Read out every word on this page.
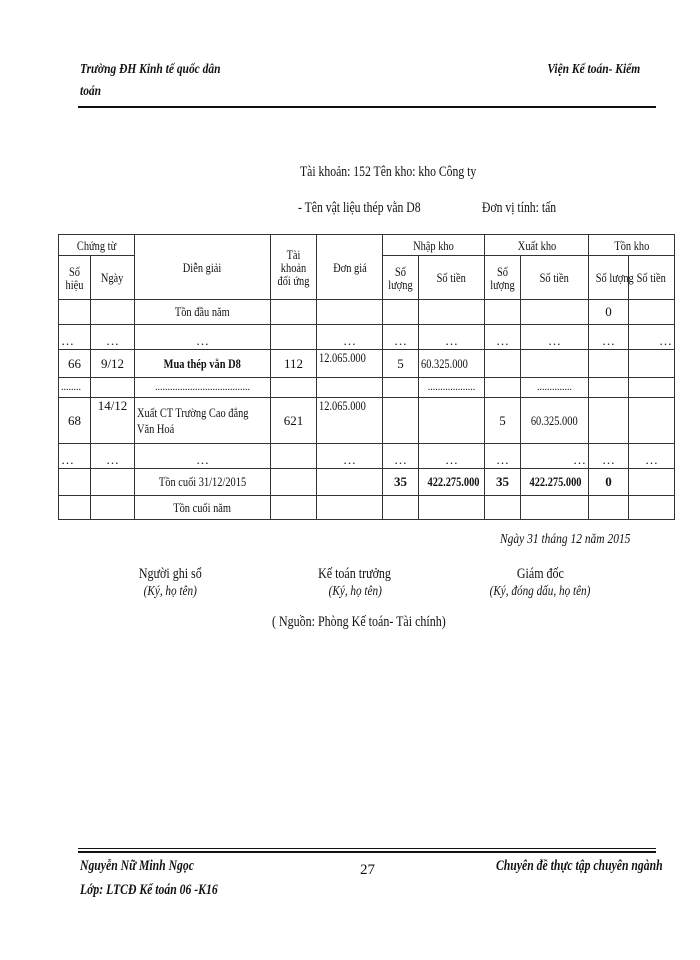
Trường ĐH Kinh tế quốc dân
toán
Viện Kế toán- Kiểm
Tài khoản: 152 Tên kho: kho Công ty
- Tên vật liệu thép vằn D8	Đơn vị tính: tấn
Chứng từ		Diễn giải	Tài khoản đối ứng	Đơn giá	Nhập kho		Xuất kho		Tồn kho	
Số hiệu	Ngày				Số lượng	Số tiền	Số lượng	Số tiền	Số lượng	Số tiền
		Tồn đầu năm							0	
…	…	…		…	…	…	…	…	…	…
66	9/12	Mua thép vằn D8	112	12.065.000	5	60.325.000				
........		......................................				...................		..............		
68	14/12	Xuất CT Trường Cao đẳng Văn Hoá	621	12.065.000			5	60.325.000		
…	…	…		…	…	…	…	…	…	…
		Tồn cuối 31/12/2015			35	422.275.000	35	422.275.000	0	
		Tồn cuối năm								
Ngày 31 tháng 12 năm 2015
Người ghi sổ
(Ký, họ tên)
Kế toán trưởng
(Ký, họ tên)
Giám đốc
(Ký, đóng dấu, họ tên)
( Nguồn: Phòng Kế toán- Tài chính)
Nguyễn Nữ Minh Ngọc
Lớp: LTCĐ Kế toán 06 -K16
27	Chuyên đề thực tập chuyên ngành
